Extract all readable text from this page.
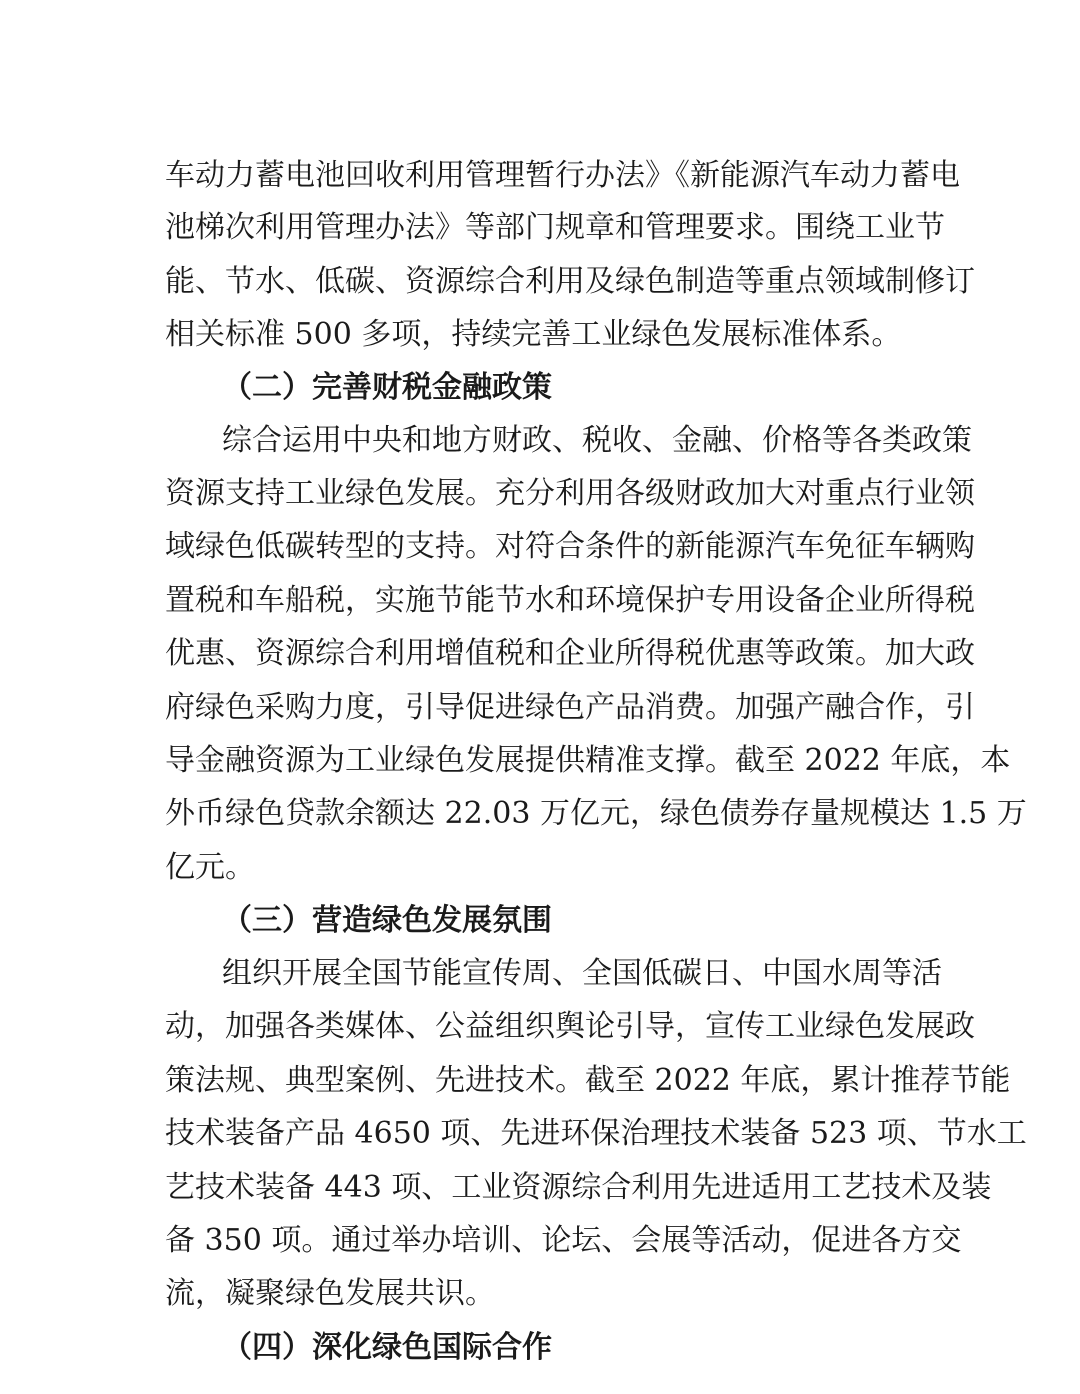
车动力蓄电池回收利用管理暂行办法》《新能源汽车动力蓄电
池梯次利用管理办法》等部门规章和管理要求。围绕工业节
能、节水、低碳、资源综合利用及绿色制造等重点领域制修订
相关标准 500 多项，持续完善工业绿色发展标准体系。
（二）完善财税金融政策
综合运用中央和地方财政、税收、金融、价格等各类政策
资源支持工业绿色发展。充分利用各级财政加大对重点行业领
域绿色低碳转型的支持。对符合条件的新能源汽车免征车辆购
置税和车船税，实施节能节水和环境保护专用设备企业所得税
优惠、资源综合利用增值税和企业所得税优惠等政策。加大政
府绿色采购力度，引导促进绿色产品消费。加强产融合作，引
导金融资源为工业绿色发展提供精准支撑。截至 2022 年底，本
外币绿色贷款余额达 22.03 万亿元，绿色债券存量规模达 1.5 万
亿元。
（三）营造绿色发展氛围
组织开展全国节能宣传周、全国低碳日、中国水周等活
动，加强各类媒体、公益组织舆论引导，宣传工业绿色发展政
策法规、典型案例、先进技术。截至 2022 年底，累计推荐节能
技术装备产品 4650 项、先进环保治理技术装备 523 项、节水工
艺技术装备 443 项、工业资源综合利用先进适用工艺技术及装
备 350 项。通过举办培训、论坛、会展等活动，促进各方交
流，凝聚绿色发展共识。
（四）深化绿色国际合作
